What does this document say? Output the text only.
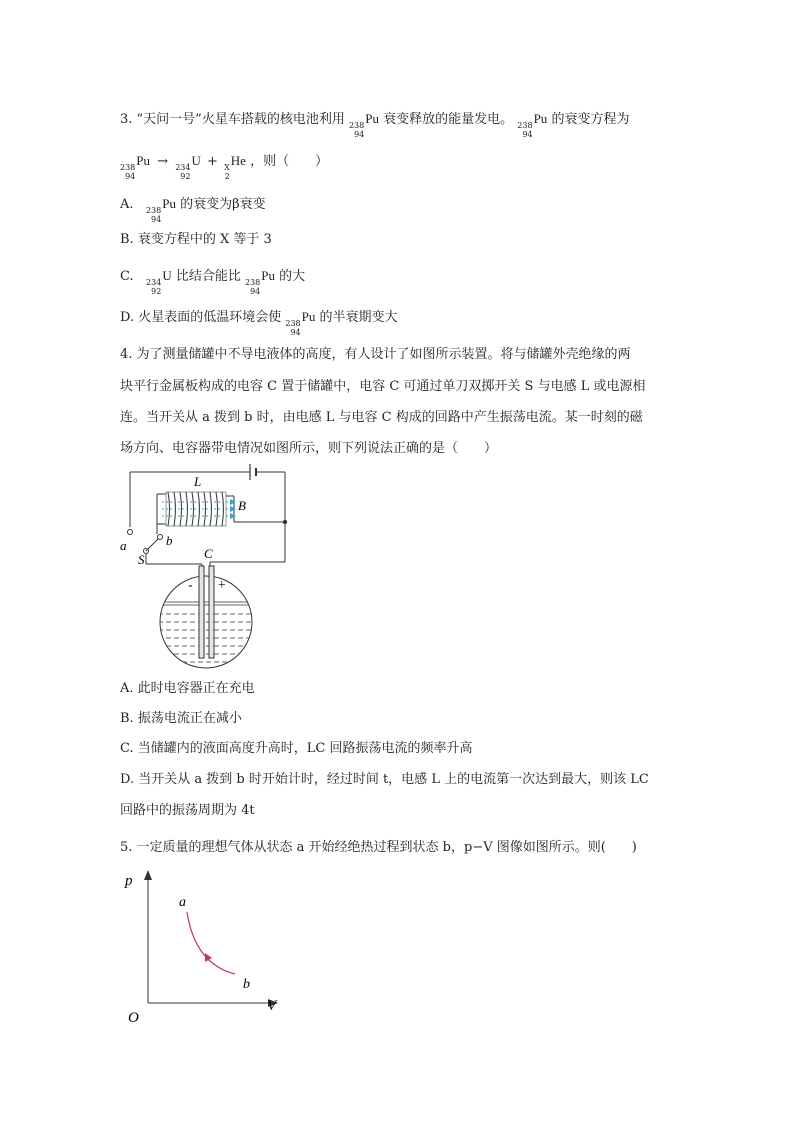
3. “天问一号”火星车搭载的核电池利用 238
94
Pu 衰变释放的能量发电。 238
94
Pu 的衰变方程为
238
94
Pu → 234
92
U + X
2
He ，则（　　）
A. 238
94
Pu 的衰变为β衰变
B. 衰变方程中的 X 等于 3
C. 234
92
U 比结合能比 238
94
Pu 的大
D. 火星表面的低温环境会使 238
94
Pu 的半衰期变大
4. 为了测量储罐中不导电液体的高度，有人设计了如图所示装置。将与储罐外壳绝缘的两
块平行金属板构成的电容 C 置于储罐中，电容 C 可通过单刀双掷开关 S 与电感 L 或电源相
连。当开关从 a 拨到 b 时，由电感 L 与电容 C 构成的回路中产生振荡电流。某一时刻的磁
场方向、电容器带电情况如图所示，则下列说法正确的是（　　）
L
B
a	b
S	C
- +
A. 此时电容器正在充电
B. 振荡电流正在减小
C. 当储罐内的液面高度升高时，LC 回路振荡电流的频率升高
D. 当开关从 a 拨到 b 时开始计时，经过时间 t，电感 L 上的电流第一次达到最大，则该 LC
回路中的振荡周期为 4t
5. 一定质量的理想气体从状态 a 开始经绝热过程到状态 b，p−V 图像如图所示。则(　　)
p
V
O
a
b
